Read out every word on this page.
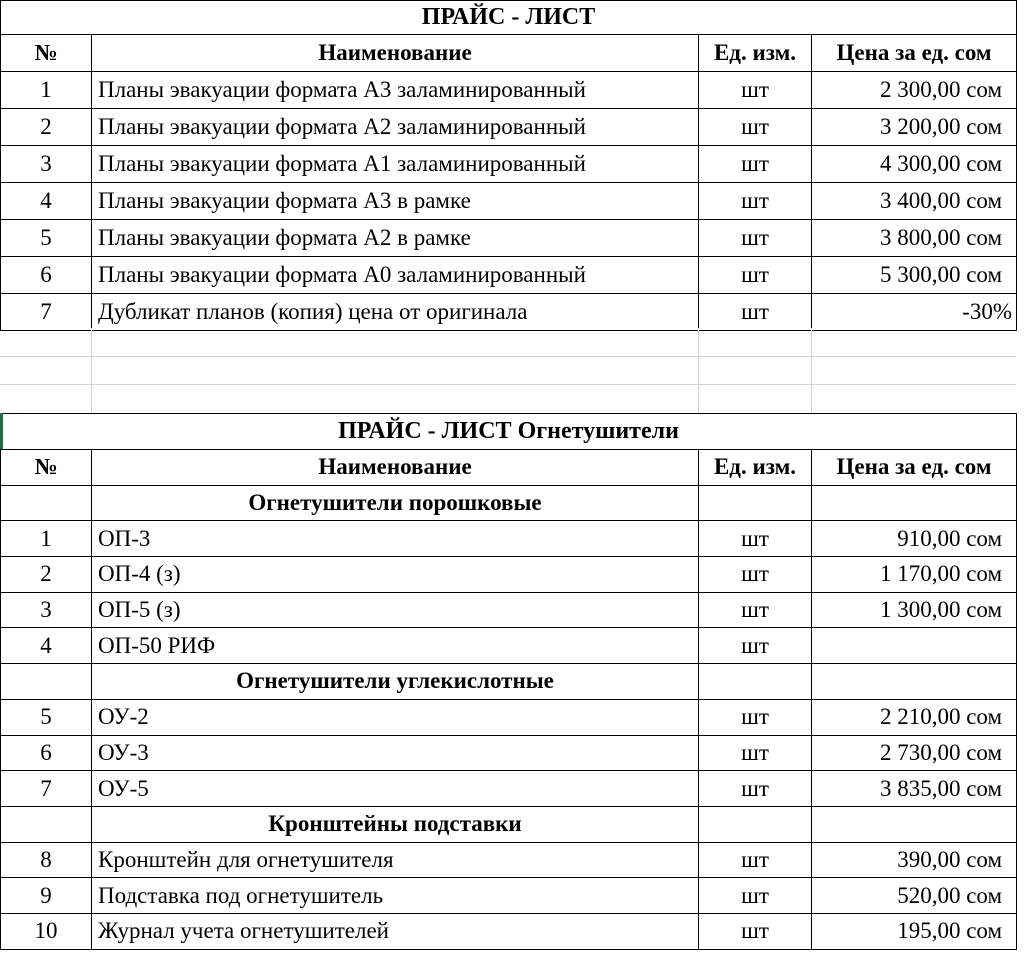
ПРАЙС - ЛИСТ			
№	Наименование	Ед. изм.	Цена за ед. сом
1	Планы эвакуации формата А3 заламинированный	шт	2 300,00 сом
2	Планы эвакуации формата А2 заламинированный	шт	3 200,00 сом
3	Планы эвакуации формата А1 заламинированный	шт	4 300,00 сом
4	Планы эвакуации формата А3 в рамке	шт	3 400,00 сом
5	Планы эвакуации формата А2 в рамке	шт	3 800,00 сом
6	Планы эвакуации формата А0 заламинированный	шт	5 300,00 сом
7	Дубликат планов (копия) цена от оригинала	шт	-30%
ПРАЙС - ЛИСТ Огнетушители			
№	Наименование	Ед. изм.	Цена за ед. сом
	Огнетушители порошковые		
1	ОП-3	шт	910,00 сом
2	ОП-4 (з)	шт	1 170,00 сом
3	ОП-5 (з)	шт	1 300,00 сом
4	ОП-50 РИФ	шт	
	Огнетушители углекислотные		
5	ОУ-2	шт	2 210,00 сом
6	ОУ-3	шт	2 730,00 сом
7	ОУ-5	шт	3 835,00 сом
	Кронштейны подставки		
8	Кронштейн для огнетушителя	шт	390,00 сом
9	Подставка под огнетушитель	шт	520,00 сом
10	Журнал учета огнетушителей	шт	195,00 сом
